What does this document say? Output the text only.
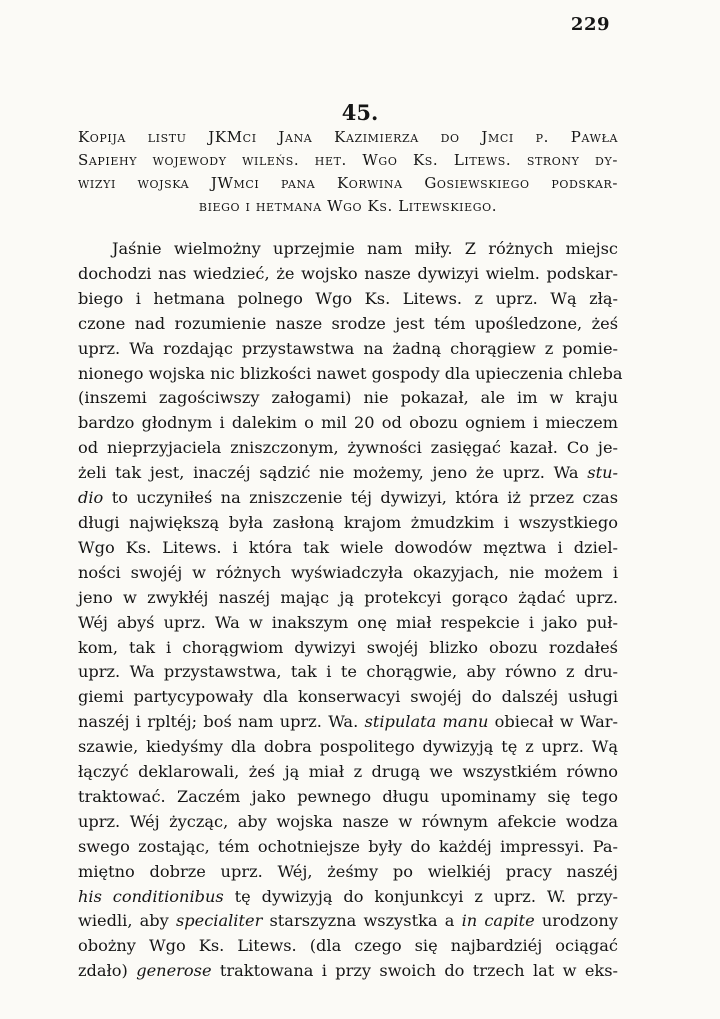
229
45.
Kopija listu JKMci Jana Kazimierza do Jmci p. Pawła
Sapiehy wojewody wileńs. het. Wgo Ks. Litews. strony dy-
wizyi wojska JWmci pana Korwina Gosiewskiego podskar-
biego i hetmana Wgo Ks. Litewskiego.
Jaśnie wielmożny uprzejmie nam miły. Z różnych miejsc
dochodzi nas wiedzieć, że wojsko nasze dywizyi wielm. podskar-
biego i hetmana polnego Wgo Ks. Litews. z uprz. Wą złą-
czone nad rozumienie nasze srodze jest tém upośledzone, żeś
uprz. Wa rozdając przystawstwa na żadną chorągiew z pomie-
nionego wojska nic blizkości nawet gospody dla upieczenia chleba
(inszemi zagościwszy załogami) nie pokazał, ale im w kraju
bardzo głodnym i dalekim o mil 20 od obozu ogniem i mieczem
od nieprzyjaciela zniszczonym, żywności zasięgać kazał. Co je-
żeli tak jest, inaczéj sądzić nie możemy, jeno że uprz. Wa stu-
dio to uczyniłeś na zniszczenie téj dywizyi, która iż przez czas
długi największą była zasłoną krajom żmudzkim i wszystkiego
Wgo Ks. Litews. i która tak wiele dowodów męztwa i dziel-
ności swojéj w różnych wyświadczyła okazyjach, nie możem i
jeno w zwykłéj naszéj mając ją protekcyi gorąco żądać uprz.
Wéj abyś uprz. Wa w inakszym onę miał respekcie i jako puł-
kom, tak i chorągwiom dywizyi swojéj blizko obozu rozdałeś
uprz. Wa przystawstwa, tak i te chorągwie, aby równo z dru-
giemi partycypowały dla konserwacyi swojéj do dalszéj usługi
naszéj i rpltéj; boś nam uprz. Wa. stipulata manu obiecał w War-
szawie, kiedyśmy dla dobra pospolitego dywizyją tę z uprz. Wą
łączyć deklarowali, żeś ją miał z drugą we wszystkiém równo
traktować. Zaczém jako pewnego długu upominamy się tego
uprz. Wéj życząc, aby wojska nasze w równym afekcie wodza
swego zostając, tém ochotniejsze były do każdéj impressyi. Pa-
miętno dobrze uprz. Wéj, żeśmy po wielkiéj pracy naszéj
his conditionibus tę dywizyją do konjunkcyi z uprz. W. przy-
wiedli, aby specialiter starszyzna wszystka a in capite urodzony
obożny Wgo Ks. Litews. (dla czego się najbardziéj ociągać
zdało) generose traktowana i przy swoich do trzech lat w eks-
